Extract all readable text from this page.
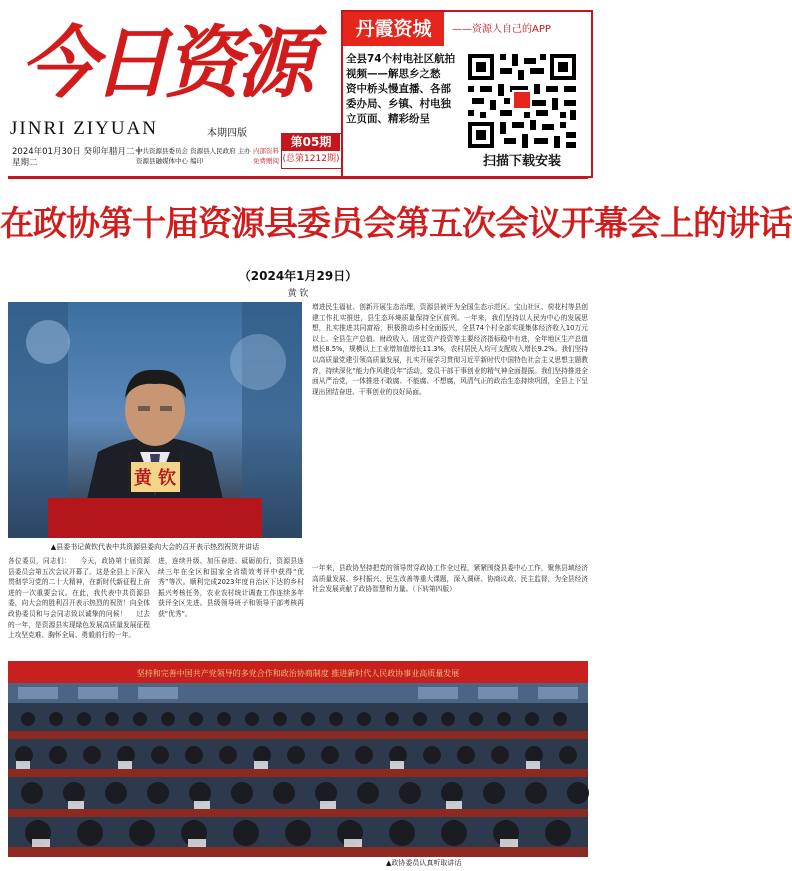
今日资源
JINRI ZIYUAN	本期四版
第05期
(总第1212期)
2024年01月30日 癸卯年腊月二十
星期二
中共资源县委员会 资源县人民政府 主办 资源县融媒体中心 编印
内部资料 免费赠阅
丹霞资城	——资源人自己的APP
全县74个村电社区航拍视频——解思乡之愁　资中桥头慢直播、各部委办局、乡镇、村电独立页面、精彩纷呈
扫描下载安装
在政协第十届资源县委员会第五次会议开幕会上的讲话
（2024年1月29日）
黄 钦
黄 钦
▲县委书记黄钦代表中共资源县委向大会的召开表示热烈祝贺并讲话
增进民生福祉、创新开展生态治理，资源县被评为全国生态示范区。宝山社区、荷花村等县创建工作扎实推进，县生态环境质量保持全区前列。一年来，我们坚持以人民为中心的发展思想，扎实推进共同富裕，积极推动乡村全面振兴，全县74个村全部实现集体经济收入10万元以上。全县生产总值、财政收入、固定资产投资等主要经济指标稳中有进，全年地区生产总值增长8.5%，规模以上工业增加值增长11.3%，农村居民人均可支配收入增长9.2%。我们坚持以高质量党建引领高质量发展，扎实开展学习贯彻习近平新时代中国特色社会主义思想主题教育，持续深化“能力作风建设年”活动，党员干部干事创业的精气神全面提振。我们坚持推进全面从严治党，一体推进不敢腐、不能腐、不想腐，风清气正的政治生态持续巩固，全县上下呈现出团结奋进、干事创业的良好局面。
各位委员，同志们： 　今天，政协第十届资源县委员会第五次会议开幕了。这是全县上下深入贯彻学习党的二十大精神，在新时代新征程上奋进的一次重要会议。在此，我代表中共资源县委，向大会的胜利召开表示热烈的祝贺！向全体政协委员和与会同志致以诚挚的问候！ 　过去的一年，是资源县实现绿色发展高质量发展征程上攻坚克难、胸怀全局、勇毅前行的一年。
进，连续升级、加压奋进、砥砺前行，资源县连续三年在全区和国家全省绩效考评中获得“优秀”等次。顺利完成2023年度自治区下达的乡村振兴考核任务，农业农村统计调查工作连续多年获评全区先进。县级领导班子和领导干部考核再获“优秀”。
一年来，县政协坚持把党的领导贯穿政协工作全过程，紧紧围绕县委中心工作，聚焦县域经济高质量发展、乡村振兴、民生改善等重大课题，深入调研、协商议政、民主监督，为全县经济社会发展贡献了政协智慧和力量。（下转第四版）
坚持和完善中国共产党领导的多党合作和政治协商制度 推进新时代人民政协事业高质量发展
▲政协委员认真听取讲话
